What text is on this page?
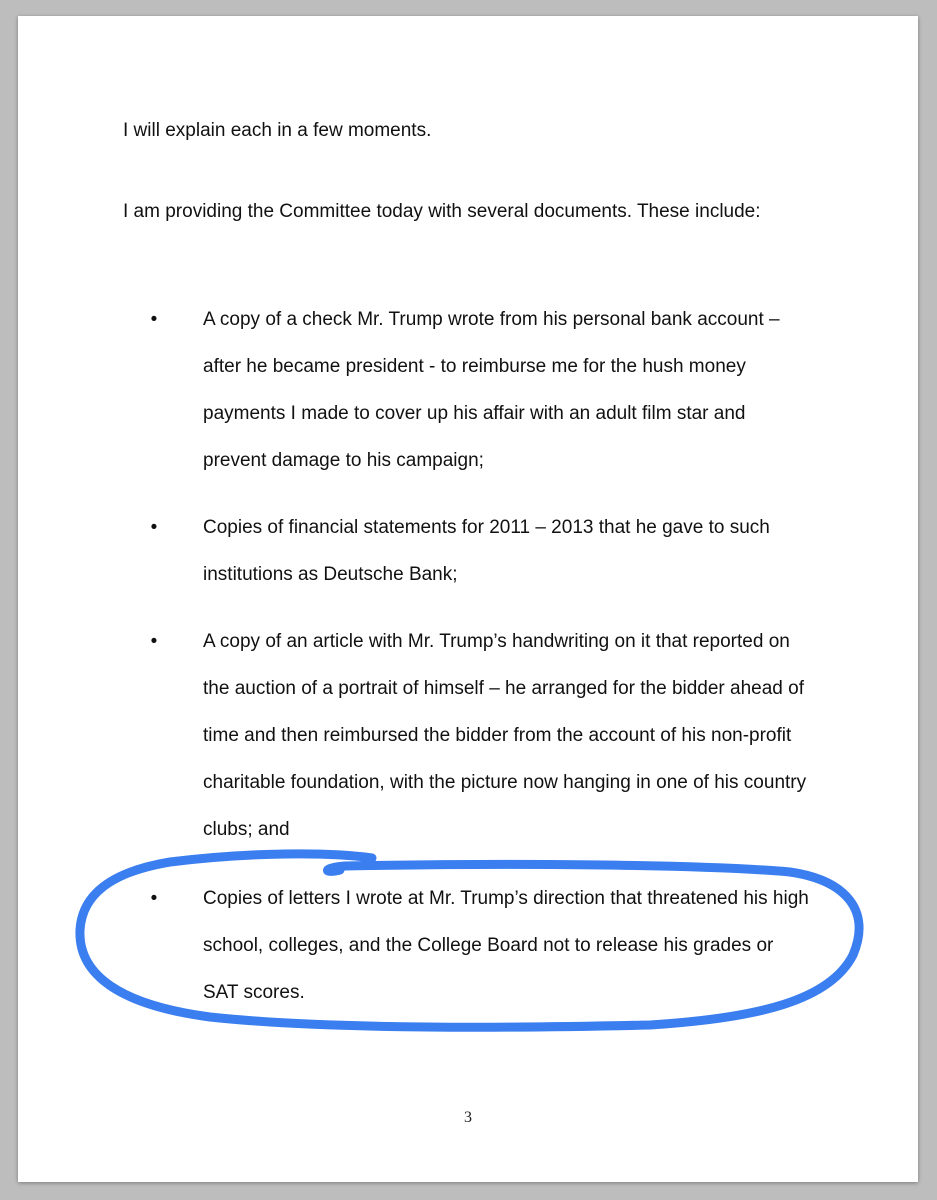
I will explain each in a few moments.

I am providing the Committee today with several documents. These include:

• A copy of a check Mr. Trump wrote from his personal bank account – after he became president - to reimburse me for the hush money payments I made to cover up his affair with an adult film star and prevent damage to his campaign;
• Copies of financial statements for 2011 – 2013 that he gave to such institutions as Deutsche Bank;
• A copy of an article with Mr. Trump’s handwriting on it that reported on the auction of a portrait of himself – he arranged for the bidder ahead of time and then reimbursed the bidder from the account of his non-profit charitable foundation, with the picture now hanging in one of his country clubs; and
• Copies of letters I wrote at Mr. Trump’s direction that threatened his high school, colleges, and the College Board not to release his grades or SAT scores.
3
